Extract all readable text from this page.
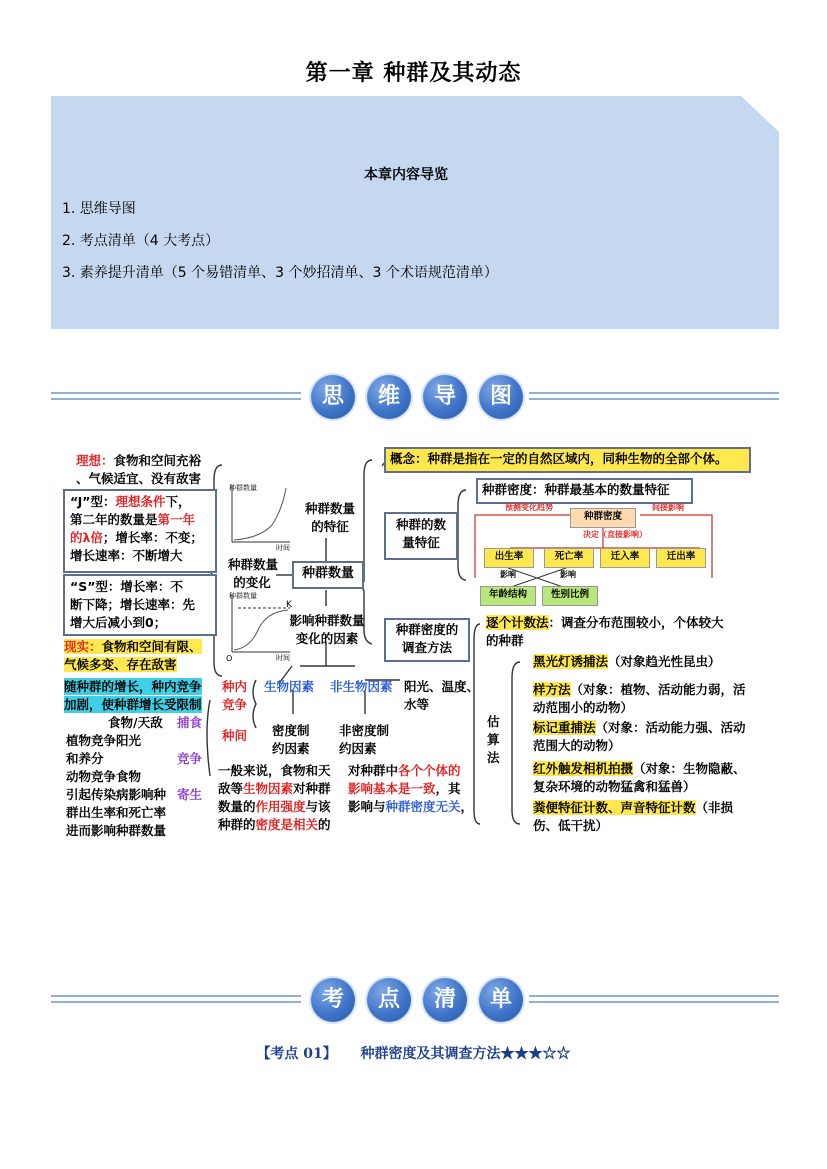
第一章 种群及其动态
本章内容导览
1. 思维导图
2. 考点清单（4 大考点）
3. 素养提升清单（5 个易错清单、3 个妙招清单、3 个术语规范清单）
思	维	导	图
理想：食物和空间充裕
、气候适宜、没有敌害
“J”型：理想条件下，
第二年的数量是第一年
的λ倍；增长率：不变；
增长速率：不断增大
“S”型：增长率：不
断下降；增长速率：先
增大后减小到0；
现实：食物和空间有限、
气候多变、存在敌害
随种群的增长，种内竞争
加剧，使种群增长受限制
食物/天敌 捕食
植物竞争阳光
和养分	竞争
动物竞争食物
引起传染病影响种 寄生
群出生率和死亡率
进而影响种群数量
种内
竞争
种间
种群数量
的变化
种群数量
种群数量
的特征
影响种群数量
变化的因素
生物因素 非生物因素 阳光、温度、
水等
密度制
约因素
非密度制
约因素
一般来说，食物和天
敌等生物因素对种群
数量的作用强度与该
种群的密度是相关的
对种群中各个个体的
影响基本是一致，其
影响与种群密度无关，
种群数量
时间
种群数量
时间
K
O
概念：种群是指在一定的自然区域内，同种生物的全部个体。
种群的数
量特征
种群密度：种群最基本的数量特征
预测变化趋势	间接影响
种群密度
决定（直接影响）
出生率	死亡率	迁入率	迁出率
影响	影响
年龄结构	性别比例
种群密度的
调查方法
逐个计数法：调查分布范围较小，个体较大
的种群
估
算
法
黑光灯诱捕法（对象趋光性昆虫）
样方法（对象：植物、活动能力弱，活
动范围小的动物）
标记重捕法（对象：活动能力强、活动
范围大的动物）
红外触发相机拍摄（对象：生物隐蔽、
复杂环境的动物猛禽和猛兽）
粪便特征计数、声音特征计数（非损
伤、低干扰）
考	点	清	单
【考点 01】 种群密度及其调查方法★★★☆☆
